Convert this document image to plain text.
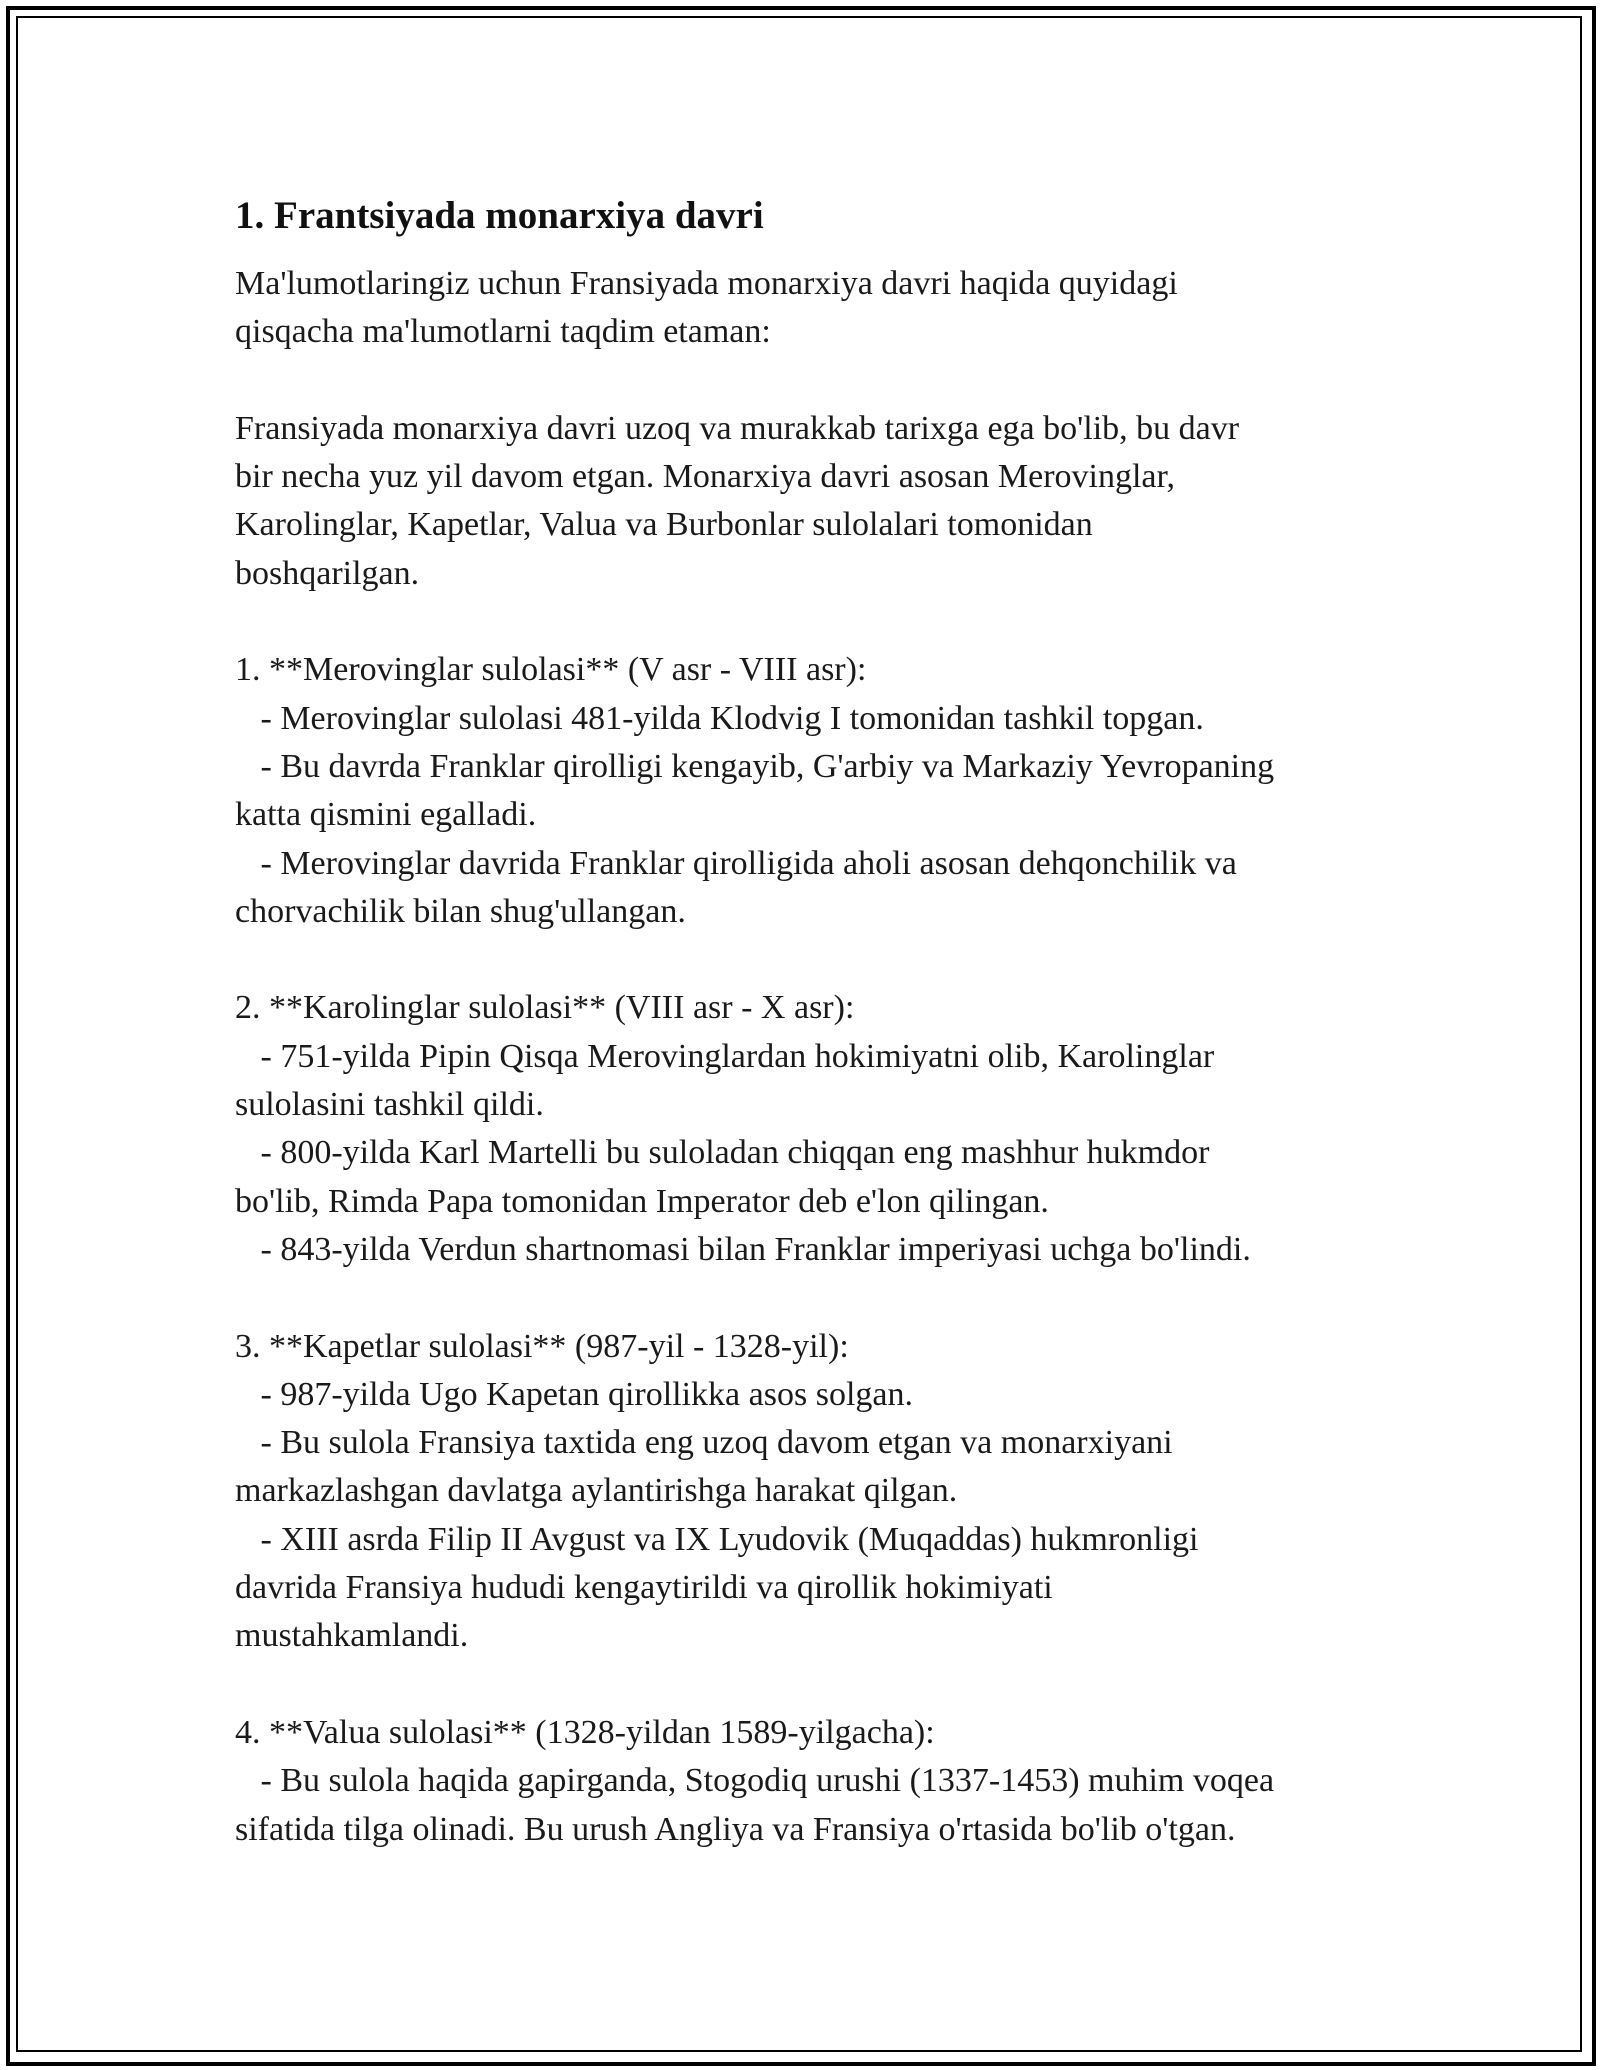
1. Frantsiyada monarxiya davri

Ma'lumotlaringiz uchun Fransiyada monarxiya davri haqida quyidagi
qisqacha ma'lumotlarni taqdim etaman:

Fransiyada monarxiya davri uzoq va murakkab tarixga ega bo'lib, bu davr
bir necha yuz yil davom etgan. Monarxiya davri asosan Merovinglar,
Karolinglar, Kapetlar, Valua va Burbonlar sulolalari tomonidan
boshqarilgan.

1. **Merovinglar sulolasi** (V asr - VIII asr):
- Merovinglar sulolasi 481-yilda Klodvig I tomonidan tashkil topgan.
- Bu davrda Franklar qirolligi kengayib, G'arbiy va Markaziy Yevropaning
katta qismini egalladi.
- Merovinglar davrida Franklar qirolligida aholi asosan dehqonchilik va
chorvachilik bilan shug'ullangan.

2. **Karolinglar sulolasi** (VIII asr - X asr):
- 751-yilda Pipin Qisqa Merovinglardan hokimiyatni olib, Karolinglar
sulolasini tashkil qildi.
- 800-yilda Karl Martelli bu suloladan chiqqan eng mashhur hukmdor
bo'lib, Rimda Papa tomonidan Imperator deb e'lon qilingan.
- 843-yilda Verdun shartnomasi bilan Franklar imperiyasi uchga bo'lindi.

3. **Kapetlar sulolasi** (987-yil - 1328-yil):
- 987-yilda Ugo Kapetan qirollikka asos solgan.
- Bu sulola Fransiya taxtida eng uzoq davom etgan va monarxiyani
markazlashgan davlatga aylantirishga harakat qilgan.
- XIII asrda Filip II Avgust va IX Lyudovik (Muqaddas) hukmronligi
davrida Fransiya hududi kengaytirildi va qirollik hokimiyati
mustahkamlandi.

4. **Valua sulolasi** (1328-yildan 1589-yilgacha):
- Bu sulola haqida gapirganda, Stogodiq urushi (1337-1453) muhim voqea
sifatida tilga olinadi. Bu urush Angliya va Fransiya o'rtasida bo'lib o'tgan.
